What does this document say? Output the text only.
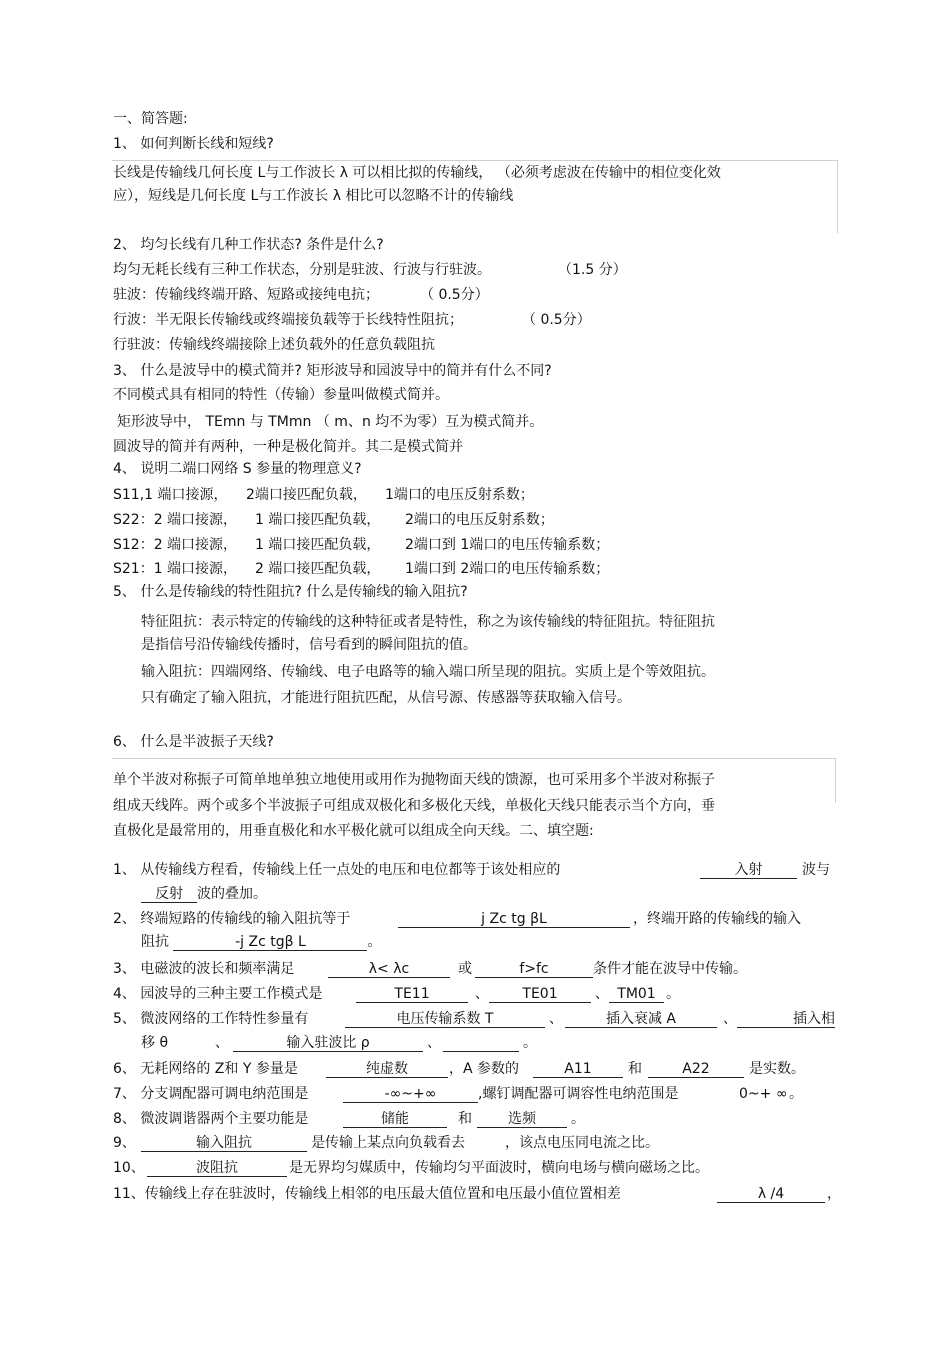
一、简答题:
1、 如何判断长线和短线?
长线是传输线几何长度 L与工作波长 λ 可以相比拟的传输线， （必须考虑波在传输中的相位变化效
应），短线是几何长度 L与工作波长 λ 相比可以忽略不计的传输线
2、 均匀长线有几种工作状态? 条件是什么?
均匀无耗长线有三种工作状态，分别是驻波、行波与行驻波。	（1.5 分）
驻波：传输线终端开路、短路或接纯电抗；	（ 0.5分）
行波：半无限长传输线或终端接负载等于长线特性阻抗；	（ 0.5分）
行驻波：传输线终端接除上述负载外的任意负载阻抗
3、 什么是波导中的模式简并? 矩形波导和园波导中的简并有什么不同?
不同模式具有相同的特性（传输）参量叫做模式简并。
矩形波导中， TEmn 与 TMmn （ m、n 均不为零）互为模式简并。
圆波导的简并有两种，一种是极化简并。其二是模式简并
4、 说明二端口网络 S 参量的物理意义?
S11,1 端口接源， 2端口接匹配负载， 1端口的电压反射系数；
S22：2 端口接源， 1 端口接匹配负载， 2端口的电压反射系数；
S12：2 端口接源， 1 端口接匹配负载， 2端口到 1端口的电压传输系数；
S21：1 端口接源， 2 端口接匹配负载， 1端口到 2端口的电压传输系数；
5、 什么是传输线的特性阻抗? 什么是传输线的输入阻抗?
特征阻抗：表示特定的传输线的这种特征或者是特性，称之为该传输线的特征阻抗。特征阻抗
是指信号沿传输线传播时，信号看到的瞬间阻抗的值。
输入阻抗：四端网络、传输线、电子电路等的输入端口所呈现的阻抗。实质上是个等效阻抗。
只有确定了输入阻抗，才能进行阻抗匹配，从信号源、传感器等获取输入信号。
6、 什么是半波振子天线?
单个半波对称振子可简单地单独立地使用或用作为抛物面天线的馈源，也可采用多个半波对称振子
组成天线阵。两个或多个半波振子可组成双极化和多极化天线，单极化天线只能表示当个方向，垂
直极化是最常用的，用垂直极化和水平极化就可以组成全向天线。二、填空题:
1、 从传输线方程看，传输线上任一点处的电压和电位都等于该处相应的	入射	波与
反射 波的叠加。
2、 终端短路的传输线的输入阻抗等于	j Zc tg βL	，终端开路的传输线的输入
阻抗	-j Zc tgβ L	。
3、 电磁波的波长和频率满足	λ< λc	或	f>fc	条件才能在波导中传输。
4、 园波导的三种主要工作模式是	TE11	、	TE01	、 TM01 。
5、 微波网络的工作特性参量有	电压传输系数 T	、	插入衰减 A	、	插入相
移 θ	、	输入驻波比 ρ	、
	。
6、 无耗网络的 Z和 Y 参量是	纯虚数	，A 参数的	A11	和	A22	是实数。
7、 分支调配器可调电纳范围是	-∞~+∞	,螺钉调配器可调容性电纳范围是	0~+ ∞ 。
8、 微波调谐器两个主要功能是	储能	和	选频	。
9、	输入阻抗	是传输上某点向负载看去	，该点电压同电流之比。
10、	波阻抗	是无界均匀媒质中，传输均匀平面波时，横向电场与横向磁场之比。
11、传输线上存在驻波时，传输线上相邻的电压最大值位置和电压最小值位置相差	λ /4	，
